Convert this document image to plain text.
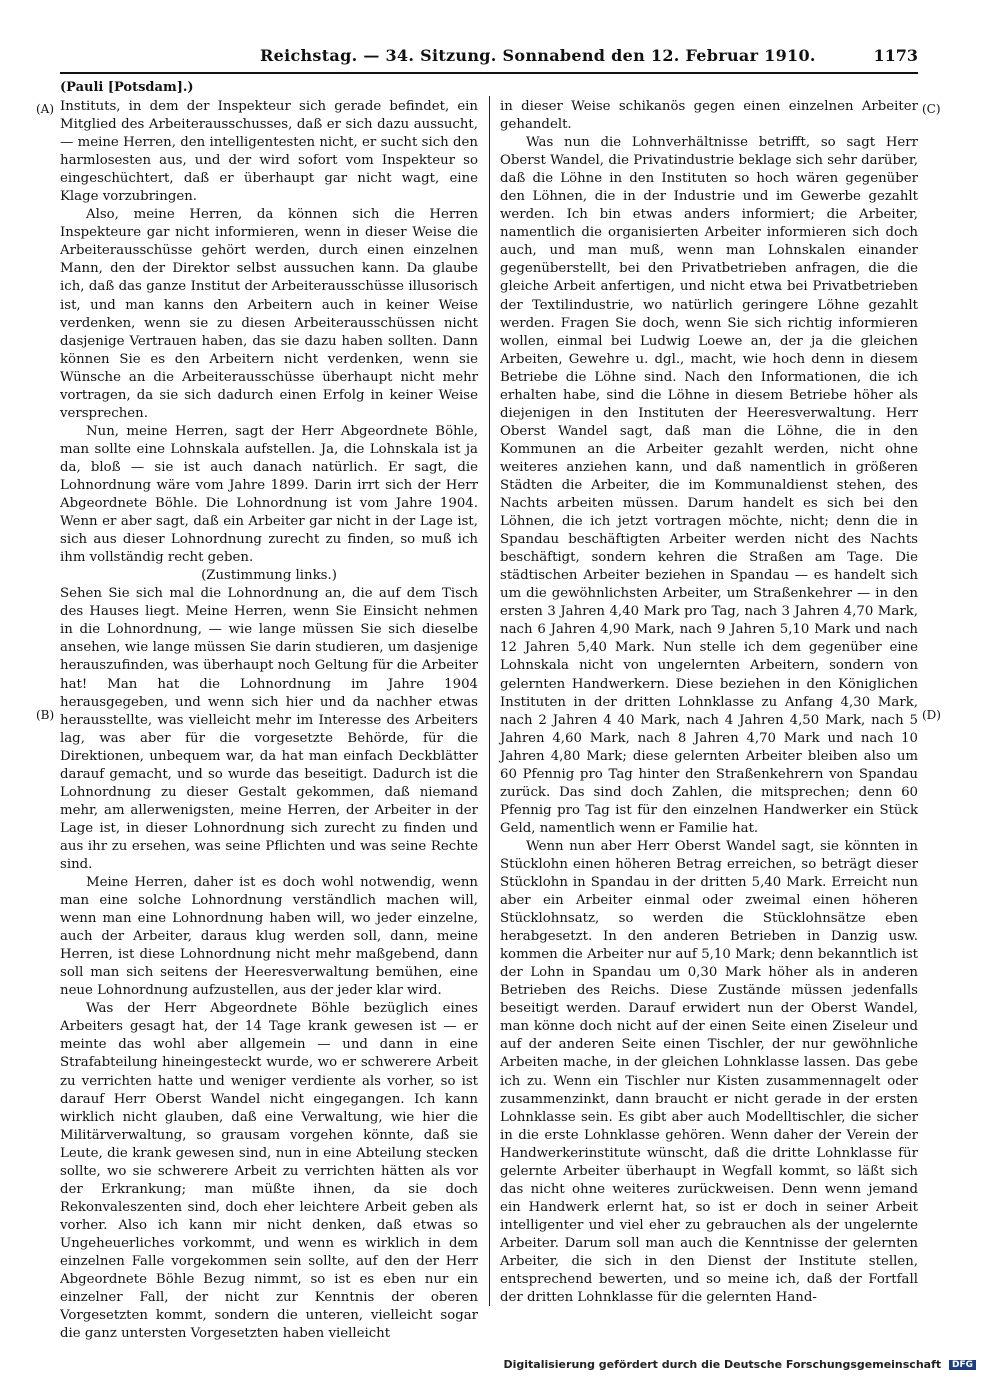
Reichstag. — 34. Sitzung. Sonnabend den 12. Februar 1910.	1173
(Pauli [Potsdam].)
(A)
(B)
(C)
(D)

Instituts, in dem der Inspekteur sich gerade befindet, ein Mitglied des Arbeiterausschusses, daß er sich dazu aussucht, — meine Herren, den intelligentesten nicht, er sucht sich den harmlosesten aus, und der wird sofort vom Inspekteur so eingeschüchtert, daß er überhaupt gar nicht wagt, eine Klage vorzubringen.

Also, meine Herren, da können sich die Herren Inspekteure gar nicht informieren, wenn in dieser Weise die Arbeiterausschüsse gehört werden, durch einen einzelnen Mann, den der Direktor selbst aussuchen kann. Da glaube ich, daß das ganze Institut der Arbeiterausschüsse illusorisch ist, und man kanns den Arbeitern auch in keiner Weise verdenken, wenn sie zu diesen Arbeiterausschüssen nicht dasjenige Vertrauen haben, das sie dazu haben sollten. Dann können Sie es den Arbeitern nicht verdenken, wenn sie Wünsche an die Arbeiterausschüsse überhaupt nicht mehr vortragen, da sie sich dadurch einen Erfolg in keiner Weise versprechen.

Nun, meine Herren, sagt der Herr Abgeordnete Böhle, man sollte eine Lohnskala aufstellen. Ja, die Lohnskala ist ja da, bloß — sie ist auch danach natürlich. Er sagt, die Lohnordnung wäre vom Jahre 1899. Darin irrt sich der Herr Abgeordnete Böhle. Die Lohnordnung ist vom Jahre 1904. Wenn er aber sagt, daß ein Arbeiter gar nicht in der Lage ist, sich aus dieser Lohnordnung zurecht zu finden, so muß ich ihm vollständig recht geben.

(Zustimmung links.)

Sehen Sie sich mal die Lohnordnung an, die auf dem Tisch des Hauses liegt. Meine Herren, wenn Sie Einsicht nehmen in die Lohnordnung, — wie lange müssen Sie sich dieselbe ansehen, wie lange müssen Sie darin studieren, um dasjenige herauszufinden, was überhaupt noch Geltung für die Arbeiter hat! Man hat die Lohnordnung im Jahre 1904 herausgegeben, und wenn sich hier und da nachher etwas herausstellte, was vielleicht mehr im Interesse des Arbeiters lag, was aber für die vorgesetzte Behörde, für die Direktionen, unbequem war, da hat man einfach Deckblätter darauf gemacht, und so wurde das beseitigt. Dadurch ist die Lohnordnung zu dieser Gestalt gekommen, daß niemand mehr, am allerwenigsten, meine Herren, der Arbeiter in der Lage ist, in dieser Lohnordnung sich zurecht zu finden und aus ihr zu ersehen, was seine Pflichten und was seine Rechte sind.

Meine Herren, daher ist es doch wohl notwendig, wenn man eine solche Lohnordnung verständlich machen will, wenn man eine Lohnordnung haben will, wo jeder einzelne, auch der Arbeiter, daraus klug werden soll, dann, meine Herren, ist diese Lohnordnung nicht mehr maßgebend, dann soll man sich seitens der Heeresverwaltung bemühen, eine neue Lohnordnung aufzustellen, aus der jeder klar wird.

Was der Herr Abgeordnete Böhle bezüglich eines Arbeiters gesagt hat, der 14 Tage krank gewesen ist — er meinte das wohl aber allgemein — und dann in eine Strafabteilung hineingesteckt wurde, wo er schwerere Arbeit zu verrichten hatte und weniger verdiente als vorher, so ist darauf Herr Oberst Wandel nicht eingegangen. Ich kann wirklich nicht glauben, daß eine Verwaltung, wie hier die Militärverwaltung, so grausam vorgehen könnte, daß sie Leute, die krank gewesen sind, nun in eine Abteilung stecken sollte, wo sie schwerere Arbeit zu verrichten hätten als vor der Erkrankung; man müßte ihnen, da sie doch Rekonvaleszenten sind, doch eher leichtere Arbeit geben als vorher. Also ich kann mir nicht denken, daß etwas so Ungeheuerliches vorkommt, und wenn es wirklich in dem einzelnen Falle vorgekommen sein sollte, auf den der Herr Abgeordnete Böhle Bezug nimmt, so ist es eben nur ein einzelner Fall, der nicht zur Kenntnis der oberen Vorgesetzten kommt, sondern die unteren, vielleicht sogar die ganz untersten Vorgesetzten haben vielleicht

in dieser Weise schikanös gegen einen einzelnen Arbeiter gehandelt.

Was nun die Lohnverhältnisse betrifft, so sagt Herr Oberst Wandel, die Privatindustrie beklage sich sehr darüber, daß die Löhne in den Instituten so hoch wären gegenüber den Löhnen, die in der Industrie und im Gewerbe gezahlt werden. Ich bin etwas anders informiert; die Arbeiter, namentlich die organisierten Arbeiter informieren sich doch auch, und man muß, wenn man Lohnskalen einander gegenüberstellt, bei den Privatbetrieben anfragen, die die gleiche Arbeit anfertigen, und nicht etwa bei Privatbetrieben der Textilindustrie, wo natürlich geringere Löhne gezahlt werden. Fragen Sie doch, wenn Sie sich richtig informieren wollen, einmal bei Ludwig Loewe an, der ja die gleichen Arbeiten, Gewehre u. dgl., macht, wie hoch denn in diesem Betriebe die Löhne sind. Nach den Informationen, die ich erhalten habe, sind die Löhne in diesem Betriebe höher als diejenigen in den Instituten der Heeresverwaltung. Herr Oberst Wandel sagt, daß man die Löhne, die in den Kommunen an die Arbeiter gezahlt werden, nicht ohne weiteres anziehen kann, und daß namentlich in größeren Städten die Arbeiter, die im Kommunaldienst stehen, des Nachts arbeiten müssen. Darum handelt es sich bei den Löhnen, die ich jetzt vortragen möchte, nicht; denn die in Spandau beschäftigten Arbeiter werden nicht des Nachts beschäftigt, sondern kehren die Straßen am Tage. Die städtischen Arbeiter beziehen in Spandau — es handelt sich um die gewöhnlichsten Arbeiter, um Straßenkehrer — in den ersten 3 Jahren 4,40 Mark pro Tag, nach 3 Jahren 4,70 Mark, nach 6 Jahren 4,90 Mark, nach 9 Jahren 5,10 Mark und nach 12 Jahren 5,40 Mark. Nun stelle ich dem gegenüber eine Lohnskala nicht von ungelernten Arbeitern, sondern von gelernten Handwerkern. Diese beziehen in den Königlichen Instituten in der dritten Lohnklasse zu Anfang 4,30 Mark, nach 2 Jahren 4 40 Mark, nach 4 Jahren 4,50 Mark, nach 5 Jahren 4,60 Mark, nach 8 Jahren 4,70 Mark und nach 10 Jahren 4,80 Mark; diese gelernten Arbeiter bleiben also um 60 Pfennig pro Tag hinter den Straßenkehrern von Spandau zurück. Das sind doch Zahlen, die mitsprechen; denn 60 Pfennig pro Tag ist für den einzelnen Handwerker ein Stück Geld, namentlich wenn er Familie hat.

Wenn nun aber Herr Oberst Wandel sagt, sie könnten in Stücklohn einen höheren Betrag erreichen, so beträgt dieser Stücklohn in Spandau in der dritten 5,40 Mark. Erreicht nun aber ein Arbeiter einmal oder zweimal einen höheren Stücklohnsatz, so werden die Stücklohnsätze eben herabgesetzt. In den anderen Betrieben in Danzig usw. kommen die Arbeiter nur auf 5,10 Mark; denn bekanntlich ist der Lohn in Spandau um 0,30 Mark höher als in anderen Betrieben des Reichs. Diese Zustände müssen jedenfalls beseitigt werden. Darauf erwidert nun der Oberst Wandel, man könne doch nicht auf der einen Seite einen Ziseleur und auf der anderen Seite einen Tischler, der nur gewöhnliche Arbeiten mache, in der gleichen Lohnklasse lassen. Das gebe ich zu. Wenn ein Tischler nur Kisten zusammennagelt oder zusammenzinkt, dann braucht er nicht gerade in der ersten Lohnklasse sein. Es gibt aber auch Modelltischler, die sicher in die erste Lohnklasse gehören. Wenn daher der Verein der Handwerkerinstitute wünscht, daß die dritte Lohnklasse für gelernte Arbeiter überhaupt in Wegfall kommt, so läßt sich das nicht ohne weiteres zurückweisen. Denn wenn jemand ein Handwerk erlernt hat, so ist er doch in seiner Arbeit intelligenter und viel eher zu gebrauchen als der ungelernte Arbeiter. Darum soll man auch die Kenntnisse der gelernten Arbeiter, die sich in den Dienst der Institute stellen, entsprechend bewerten, und so meine ich, daß der Fortfall der dritten Lohnklasse für die gelernten Hand-

Digitalisierung gefördert durch die Deutsche Forschungsgemeinschaft DFG
